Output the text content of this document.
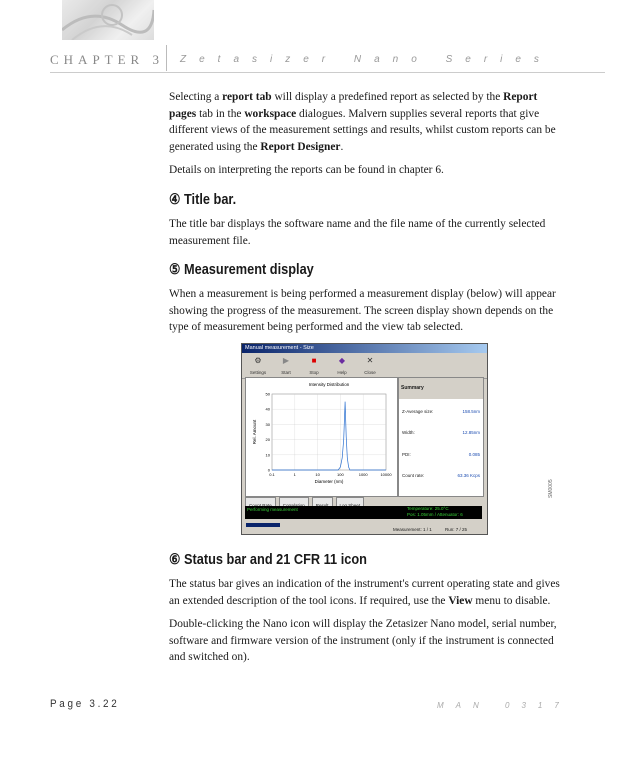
CHAPTER 3 Zetasizer Nano Series

Selecting a report tab will display a predefined report as selected by the Report pages tab in the workspace dialogues. Malvern supplies several reports that give different views of the measurement settings and results, whilst custom reports can be generated using the Report Designer.

Details on interpreting the reports can be found in chapter 6.

④ Title bar.

The title bar displays the software name and the file name of the currently selected measurement file.

⑤ Measurement display

When a measurement is being performed a measurement display (below) will appear showing the progress of the measurement. The screen display shown depends on the type of measurement being performed and the view tab selected.

Manual measurement - Size
⚙
Settings
▶
Start
■
Stop
◆
Help
✕
Close
Intensity Distribution
0
10
20
30
40
50
0.1	1	10	100	1000	10000
Diameter (nm)
Rel. Amount
Summary
Z-Average size:	158.5nm
Width:	12.85nm
PDI:	0.085
Count rate:	63.36 Kcps
Performing measurement	Temperature: 25.0°C
Pos: 1.05mm / Attenuator: 6
Measurement: 1 / 1	Run: 7 / 25
⑥ Status bar and 21 CFR 11 icon

The status bar gives an indication of the instrument's current operating state and gives an extended description of the tool icons. If required, use the View menu to disable.

Double-clicking the Nano icon will display the Zetasizer Nano model, serial number, software and firmware version of the instrument (only if the instrument is connected and switched on).

SM0005
Page 3.22	MAN 0317
